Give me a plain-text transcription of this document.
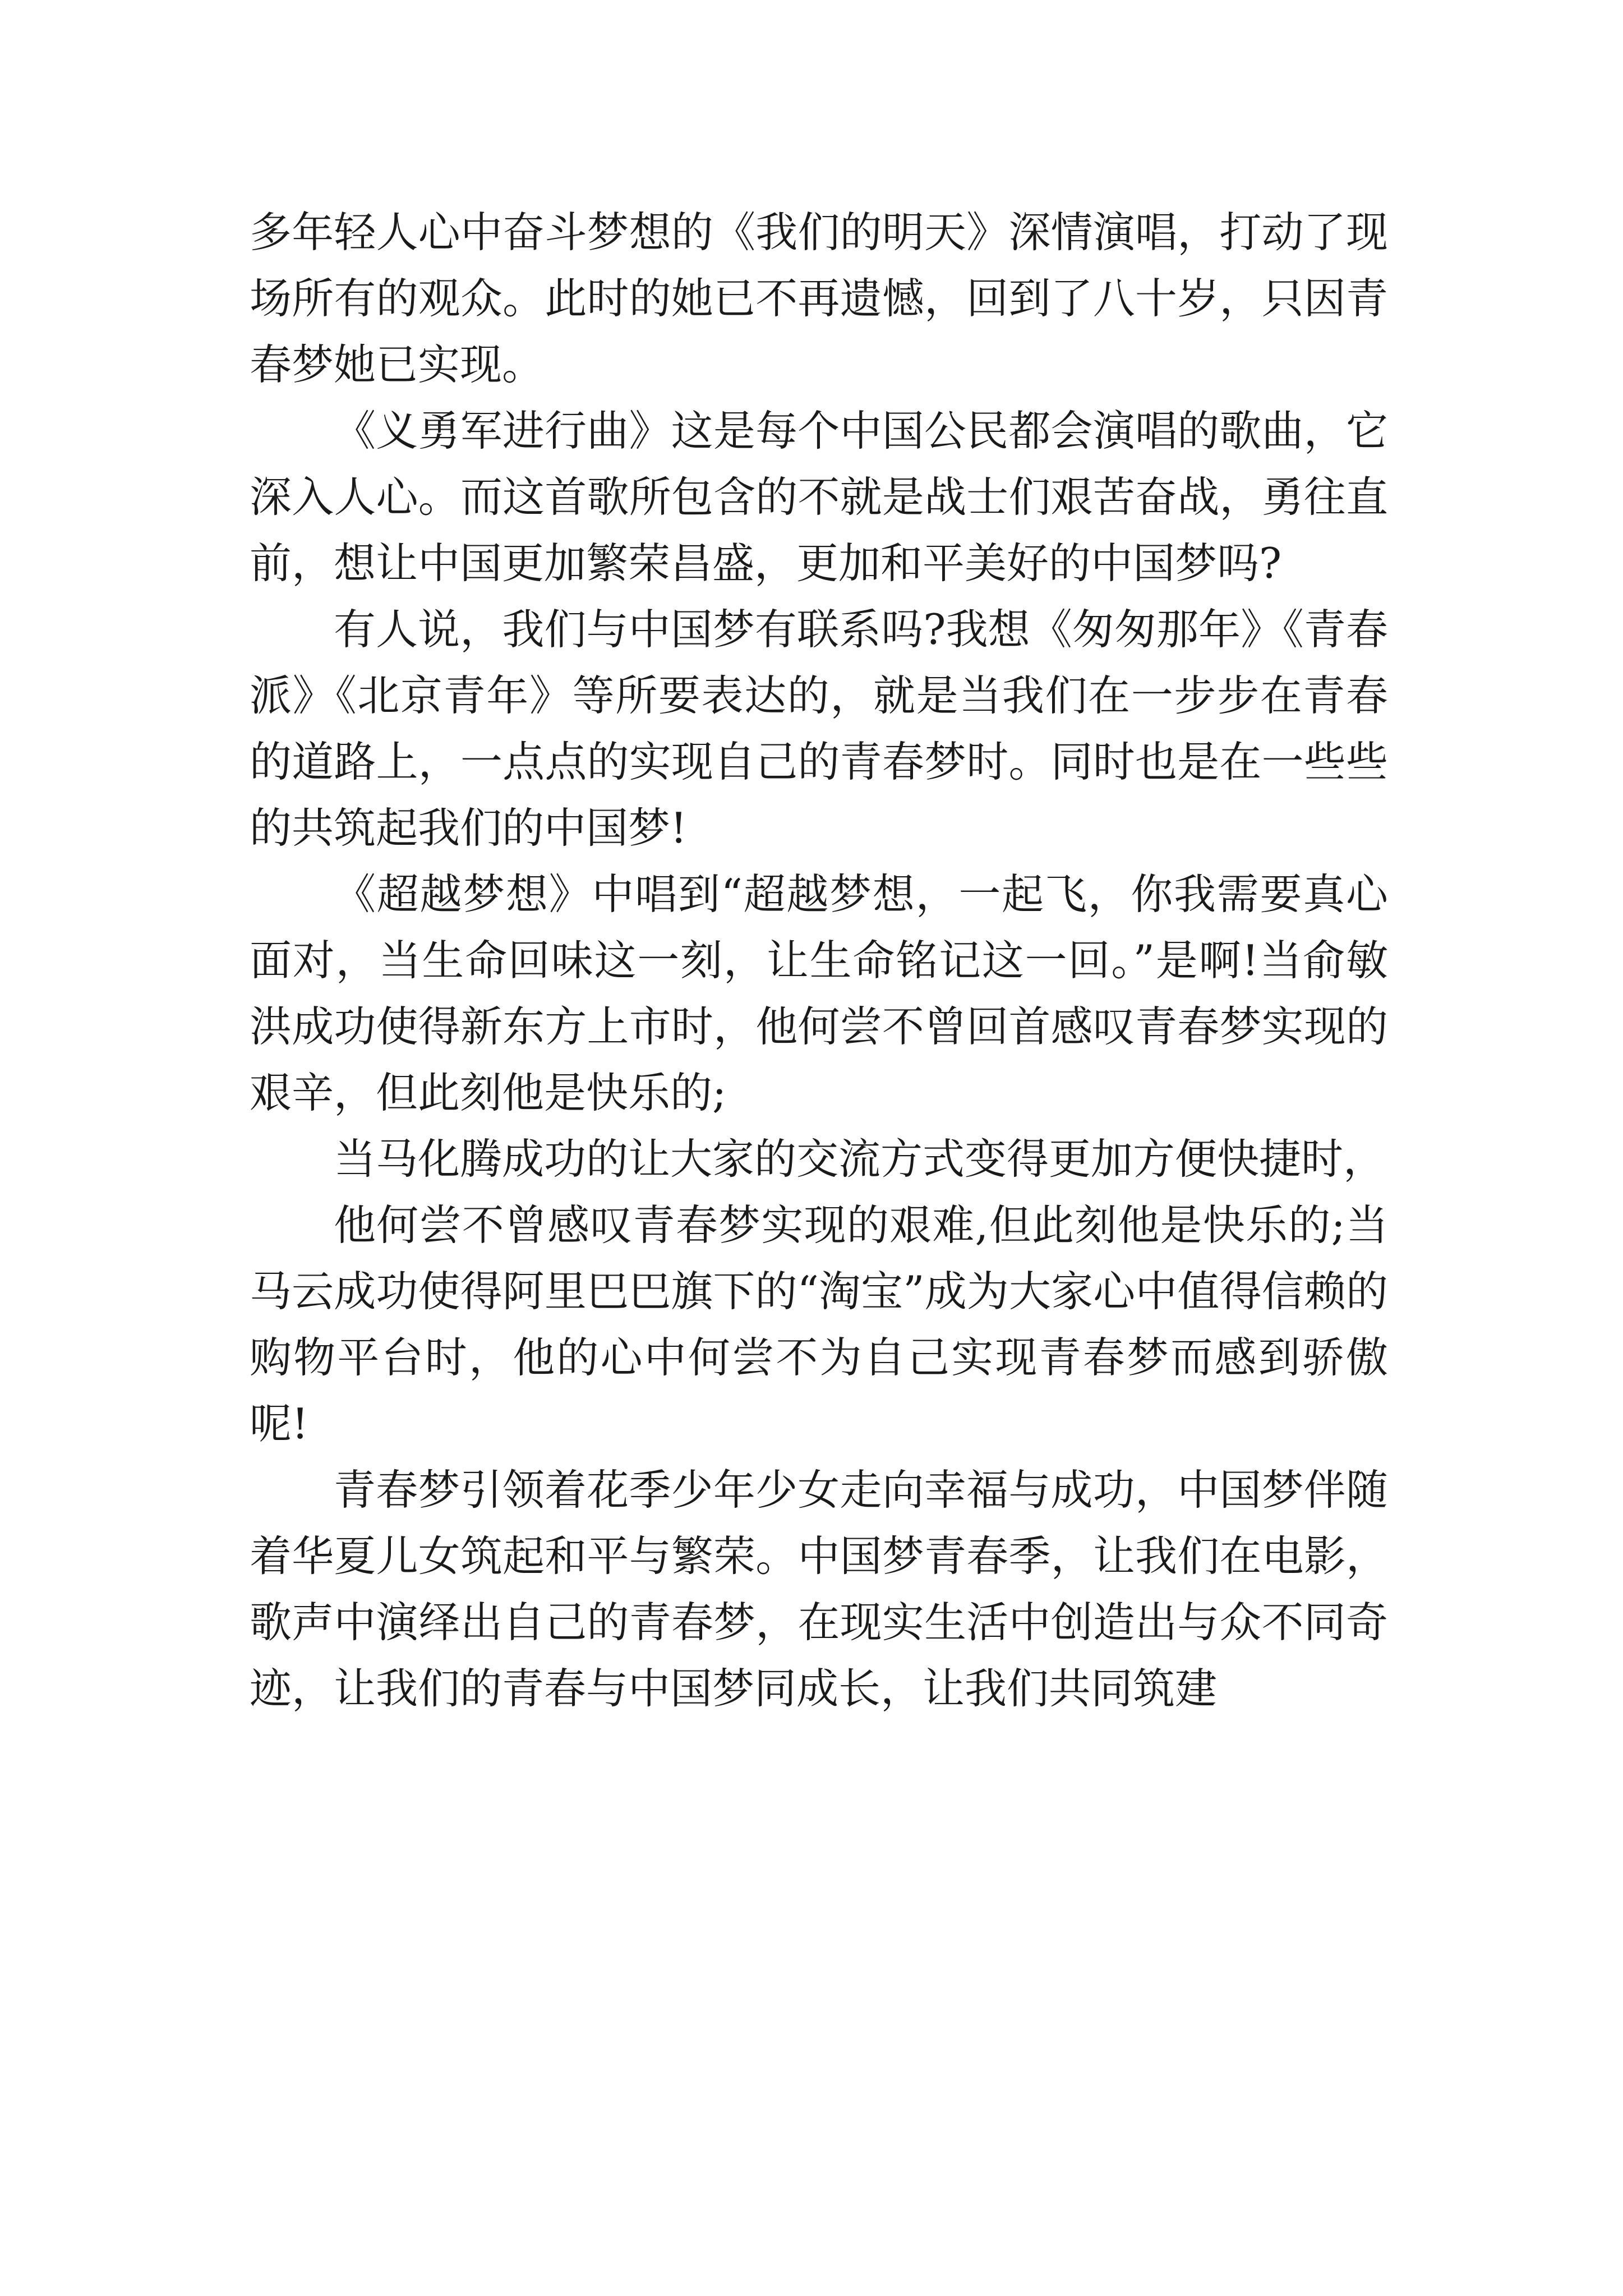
多年轻人心中奋斗梦想的《我们的明天》深情演唱，打动了现场所有的观众。此时的她已不再遗憾，回到了八十岁，只因青春梦她已实现。

《义勇军进行曲》这是每个中国公民都会演唱的歌曲，它深入人心。而这首歌所包含的不就是战士们艰苦奋战，勇往直前，想让中国更加繁荣昌盛，更加和平美好的中国梦吗?

有人说，我们与中国梦有联系吗?我想《匆匆那年》《青春派》《北京青年》等所要表达的，就是当我们在一步步在青春的道路上，一点点的实现自己的青春梦时。同时也是在一些些的共筑起我们的中国梦!

《超越梦想》中唱到“超越梦想，一起飞，你我需要真心面对，当生命回味这一刻，让生命铭记这一回。”是啊!当俞敏洪成功使得新东方上市时，他何尝不曾回首感叹青春梦实现的艰辛，但此刻他是快乐的;

当马化腾成功的让大家的交流方式变得更加方便快捷时，

他何尝不曾感叹青春梦实现的艰难,但此刻他是快乐的;当马云成功使得阿里巴巴旗下的“淘宝”成为大家心中值得信赖的购物平台时，他的心中何尝不为自己实现青春梦而感到骄傲呢!

青春梦引领着花季少年少女走向幸福与成功，中国梦伴随着华夏儿女筑起和平与繁荣。中国梦青春季，让我们在电影，歌声中演绎出自己的青春梦，在现实生活中创造出与众不同奇迹，让我们的青春与中国梦同成长，让我们共同筑建
